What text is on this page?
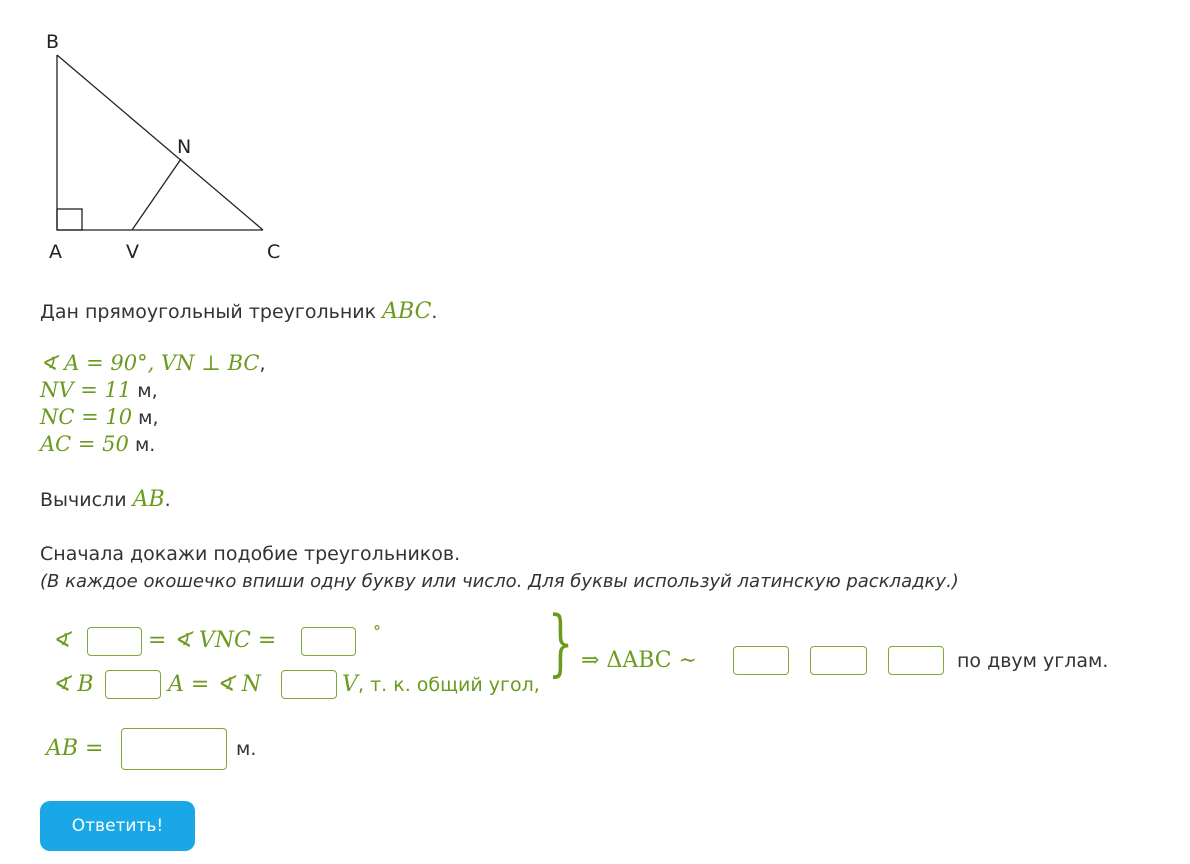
B
N
A	V	C
Дан прямоугольный треугольник ABC.
∢ A = 90°, VN ⊥ BC,
NV = 11 м,
NC = 10 м,
AC = 50 м.
Вычисли AB.
Сначала докажи подобие треугольников.
(В каждое окошечко впиши одну букву или число. Для буквы используй латинскую раскладку.)
∢	= ∢ VNC =	°
∢ B	A = ∢ N	V , т. к. общий угол,
} ⇒ ΔABC ∼	по двум углам.
AB =	м.
Ответить!
